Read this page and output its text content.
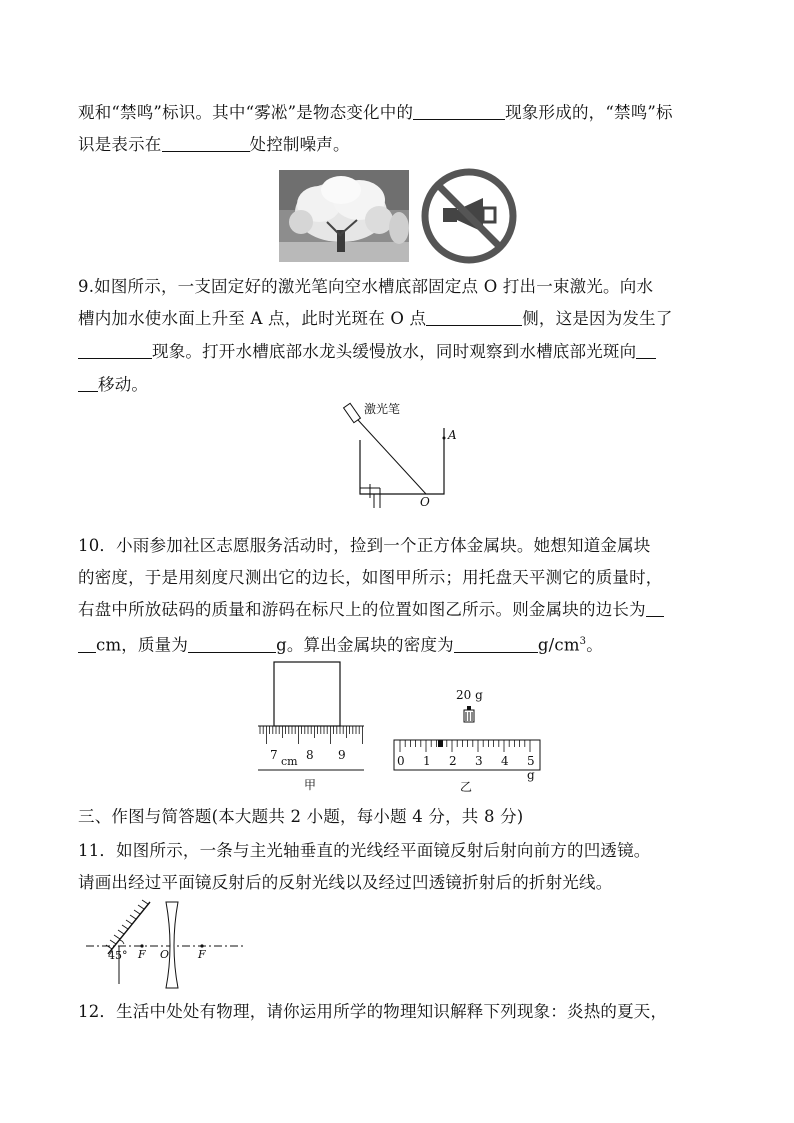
观和“禁鸣”标识。其中“雾凇”是物态变化中的	现象形成的，“禁鸣”标
识是表示在	处控制噪声。
9.如图所示，一支固定好的激光笔向空水槽底部固定点 O 打出一束激光。向水
槽内加水使水面上升至 A 点，此时光斑在 O 点	侧，这是因为发生了
现象。打开水槽底部水龙头缓慢放水，同时观察到水槽底部光斑向
移动。
激光笔
A
O
10．小雨参加社区志愿服务活动时，捡到一个正方体金属块。她想知道金属块
的密度，于是用刻度尺测出它的边长，如图甲所示；用托盘天平测它的质量时，
右盘中所放砝码的质量和游码在标尺上的位置如图乙所示。则金属块的边长为
cm，质量为	g。算出金属块的密度为	$g/cm^3$。
7 cm 8 9
甲
20 g
0 1 2 3 4 5 g
乙
三、作图与简答题(本大题共 2 小题，每小题 4 分，共 8 分)
11．如图所示，一条与主光轴垂直的光线经平面镜反射后射向前方的凹透镜。
请画出经过平面镜反射后的反射光线以及经过凹透镜折射后的折射光线。
45° F O	F
12．生活中处处有物理，请你运用所学的物理知识解释下列现象：炎热的夏天，
